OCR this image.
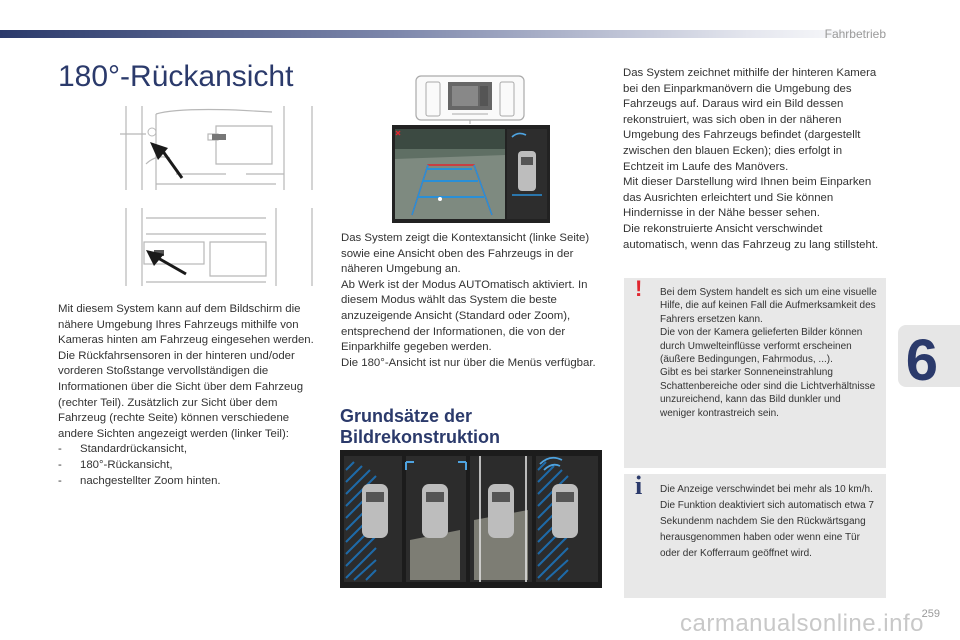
Fahrbetrieb
6
180°-Rückansicht

Mit diesem System kann auf dem Bildschirm die nähere Umgebung Ihres Fahrzeugs mithilfe von Kameras hinten am Fahrzeug eingesehen werden. Die Rückfahrsensoren in der hinteren und/oder vorderen Stoßstange vervollständigen die Informationen über die Sicht über dem Fahrzeug (rechter Teil). Zusätzlich zur Sicht über dem Fahrzeug (rechte Seite) können verschiedene andere Sichten angezeigt werden (linker Teil):

- Standardrückansicht,
- 180°-Rückansicht,
- nachgestellter Zoom hinten.

Das System zeigt die Kontextansicht (linke Seite) sowie eine Ansicht oben des Fahrzeugs in der näheren Umgebung an.

Ab Werk ist der Modus AUTOmatisch aktiviert. In diesem Modus wählt das System die beste anzuzeigende Ansicht (Standard oder Zoom), entsprechend der Informationen, die von der Einparkhilfe gegeben werden.

Die 180°-Ansicht ist nur über die Menüs verfügbar.

Grundsätze der
Bildrekonstruktion

Das System zeichnet mithilfe der hinteren Kamera bei den Einparkmanövern die Umgebung des Fahrzeugs auf. Daraus wird ein Bild dessen rekonstruiert, was sich oben in der näheren Umgebung des Fahrzeugs befindet (dargestellt zwischen den blauen Ecken); dies erfolgt in Echtzeit im Laufe des Manövers.

Mit dieser Darstellung wird Ihnen beim Einparken das Ausrichten erleichtert und Sie können Hindernisse in der Nähe besser sehen.

Die rekonstruierte Ansicht verschwindet automatisch, wenn das Fahrzeug zu lang stillsteht.

! Bei dem System handelt es sich um eine visuelle Hilfe, die auf keinen Fall die Aufmerksamkeit des Fahrers ersetzen kann.

Die von der Kamera gelieferten Bilder können durch Umwelteinflüsse verformt erscheinen (äußere Bedingungen, Fahrmodus, ...).

Gibt es bei starker Sonneneinstrahlung Schattenbereiche oder sind die Lichtverhältnisse unzureichend, kann das Bild dunkler und weniger kontrastreich sein.

i Die Anzeige verschwindet bei mehr als 10 km/h.

Die Funktion deaktiviert sich automatisch etwa 7 Sekundenm nachdem Sie den Rückwärtsgang herausgenommen haben oder wenn eine Tür oder der Kofferraum geöffnet wird.

carmanualsonline.info
259
